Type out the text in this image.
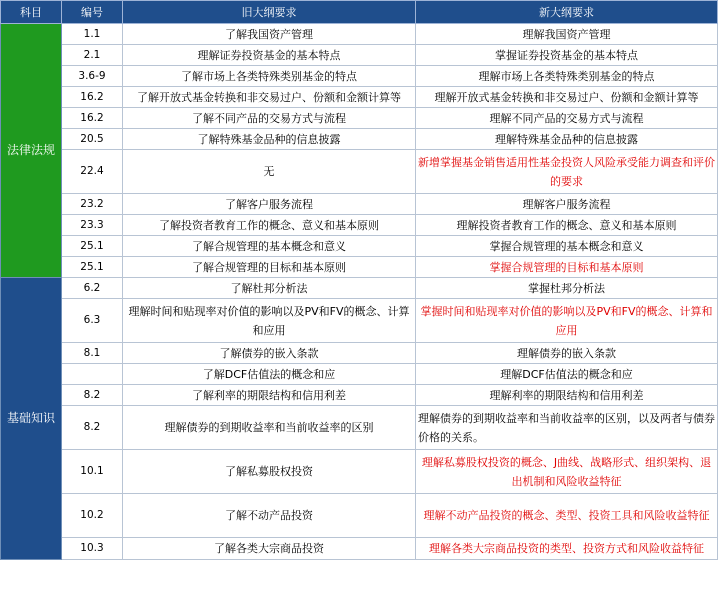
科目	编号	旧大纲要求	新大纲要求
法律法规	1.1	了解我国资产管理	理解我国资产管理
	2.1	理解证券投资基金的基本特点	掌握证券投资基金的基本特点
	3.6-9	了解市场上各类特殊类别基金的特点	理解市场上各类特殊类别基金的特点
	16.2	了解开放式基金转换和非交易过户、份额和金额计算等	理解开放式基金转换和非交易过户、份额和金额计算等
	16.2	了解不同产品的交易方式与流程	理解不同产品的交易方式与流程
	20.5	了解特殊基金品种的信息披露	理解特殊基金品种的信息披露
	22.4	无	新增掌握基金销售适用性基金投资人风险承受能力调查和评价的要求
	23.2	了解客户服务流程	理解客户服务流程
	23.3	了解投资者教育工作的概念、意义和基本原则	理解投资者教育工作的概念、意义和基本原则
	25.1	了解合规管理的基本概念和意义	掌握合规管理的基本概念和意义
	25.1	了解合规管理的目标和基本原则	掌握合规管理的目标和基本原则
基础知识	6.2	了解杜邦分析法	掌握杜邦分析法
	6.3	理解时间和贴现率对价值的影响以及PV和FV的概念、计算和应用	掌握时间和贴现率对价值的影响以及PV和FV的概念、计算和应用
	8.1	了解债券的嵌入条款	理解债券的嵌入条款
		了解DCF估值法的概念和应	理解DCF估值法的概念和应
	8.2	了解利率的期限结构和信用利差	理解利率的期限结构和信用利差
	8.2	理解债券的到期收益率和当前收益率的区别	理解债券的到期收益率和当前收益率的区别，以及两者与债券价格的关系。
	10.1	了解私募股权投资	理解私募股权投资的概念、J曲线、战略形式、组织架构、退出机制和风险收益特征
	10.2	了解不动产品投资	理解不动产品投资的概念、类型、投资工具和风险收益特征
	10.3	了解各类大宗商品投资	理解各类大宗商品投资的类型、投资方式和风险收益特征
